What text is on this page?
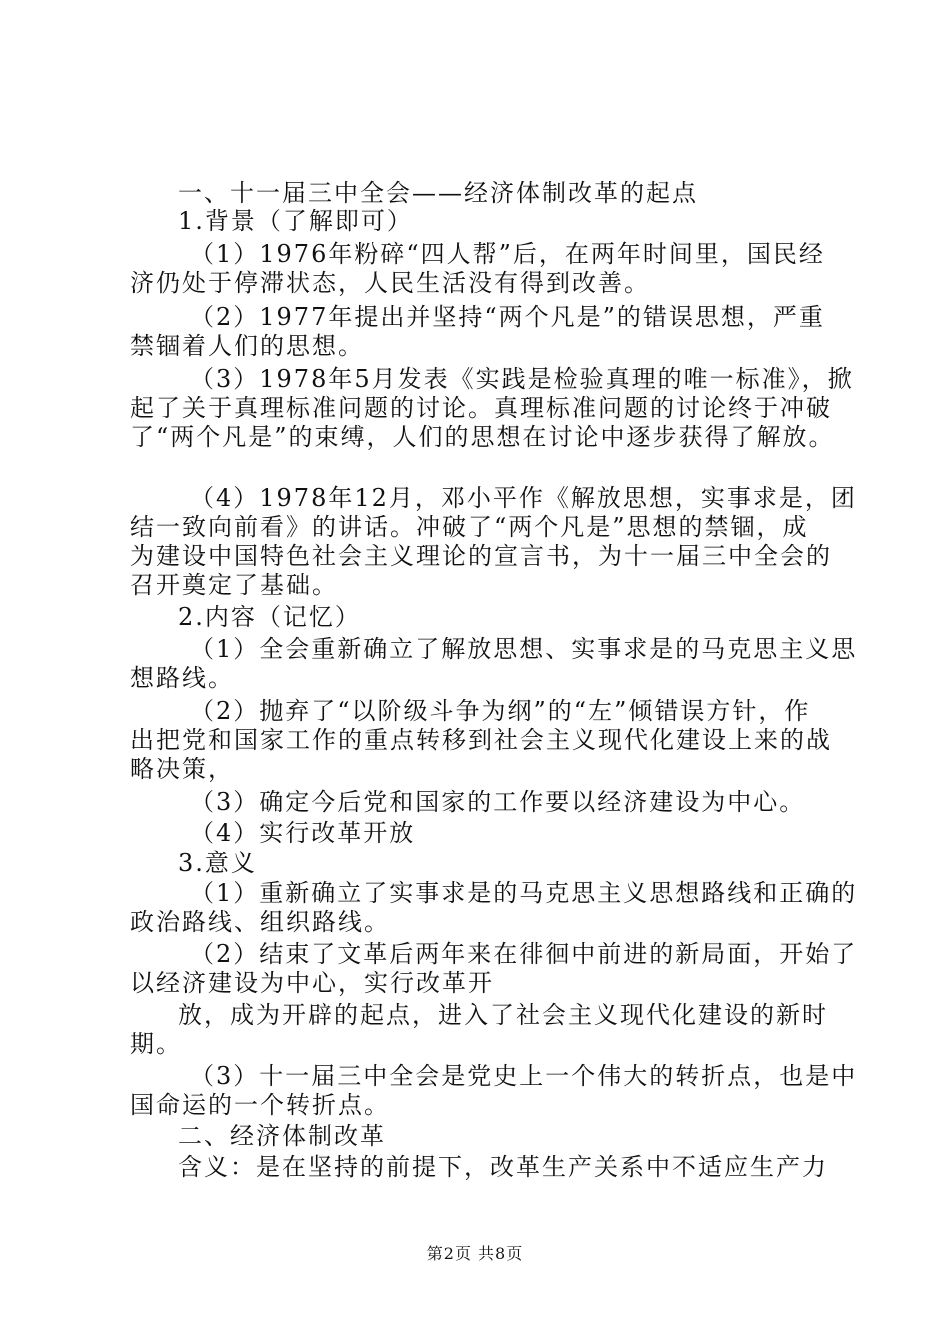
一、十一届三中全会——经济体制改革的起点
1.背景（了解即可）
（1）1976年粉碎“四人帮”后，在两年时间里，国民经
济仍处于停滞状态，人民生活没有得到改善。
（2）1977年提出并坚持“两个凡是”的错误思想，严重
禁锢着人们的思想。
（3）1978年5月发表《实践是检验真理的唯一标准》，掀
起了关于真理标准问题的讨论。真理标准问题的讨论终于冲破
了“两个凡是”的束缚，人们的思想在讨论中逐步获得了解放。
（4）1978年12月，邓小平作《解放思想，实事求是，团
结一致向前看》的讲话。冲破了“两个凡是”思想的禁锢，成
为建设中国特色社会主义理论的宣言书，为十一届三中全会的
召开奠定了基础。
2.内容（记忆）
（1）全会重新确立了解放思想、实事求是的马克思主义思
想路线。
（2）抛弃了“以阶级斗争为纲”的“左”倾错误方针，作
出把党和国家工作的重点转移到社会主义现代化建设上来的战
略决策，
（3）确定今后党和国家的工作要以经济建设为中心。
（4）实行改革开放
3.意义
（1）重新确立了实事求是的马克思主义思想路线和正确的
政治路线、组织路线。
（2）结束了文革后两年来在徘徊中前进的新局面，开始了
以经济建设为中心，实行改革开
放，成为开辟的起点，进入了社会主义现代化建设的新时
期。
（3）十一届三中全会是党史上一个伟大的转折点，也是中
国命运的一个转折点。
二、经济体制改革
含义：是在坚持的前提下，改革生产关系中不适应生产力
第2页 共8页
